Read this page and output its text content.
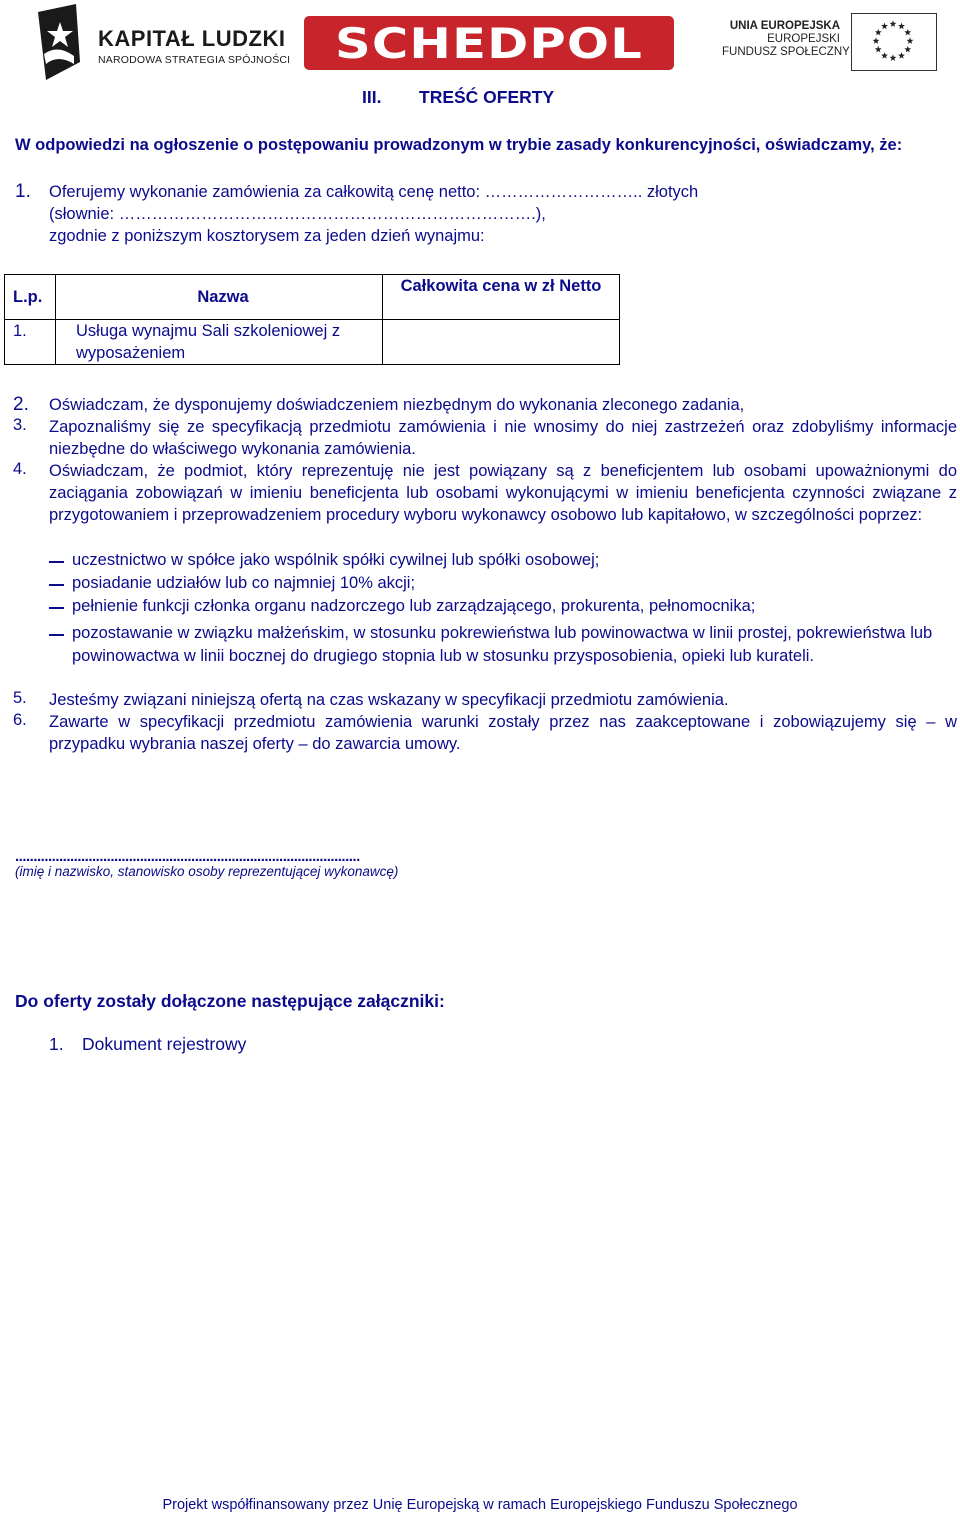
KAPITAŁ LUDZKI
NARODOWA STRATEGIA SPÓJNOŚCI	SCHEDPOL	UNIA EUROPEJSKA
EUROPEJSKI
FUNDUSZ SPOŁECZNY
III. TREŚĆ OFERTY
W odpowiedzi na ogłoszenie o postępowaniu prowadzonym w trybie zasady konkurencyjności, oświadczamy, że:
1. Oferujemy wykonanie zamówienia za całkowitą cenę netto: ……………………….. złotych
(słownie: ………………………………………………………………….),
zgodnie z poniższym kosztorysem za jeden dzień wynajmu:
L.p.	Nazwa	Całkowita cena w zł Netto
1.	Usługa wynajmu Sali szkoleniowej z wyposażeniem	
2. Oświadczam, że dysponujemy doświadczeniem niezbędnym do wykonania zleconego zadania,
3. Zapoznaliśmy się ze specyfikacją przedmiotu zamówienia i nie wnosimy do niej zastrzeżeń oraz zdobyliśmy informacje niezbędne do właściwego wykonania zamówienia.
4. Oświadczam, że podmiot, który reprezentuję nie jest powiązany są z beneficjentem lub osobami upoważnionymi do zaciągania zobowiązań w imieniu beneficjenta lub osobami wykonującymi w imieniu beneficjenta czynności związane z przygotowaniem i przeprowadzeniem procedury wyboru wykonawcy osobowo lub kapitałowo, w szczególności poprzez:
uczestnictwo w spółce jako wspólnik spółki cywilnej lub spółki osobowej;
posiadanie udziałów lub co najmniej 10% akcji;
pełnienie funkcji członka organu nadzorczego lub zarządzającego, prokurenta, pełnomocnika;
pozostawanie w związku małżeńskim, w stosunku pokrewieństwa lub powinowactwa w linii prostej, pokrewieństwa lub powinowactwa w linii bocznej do drugiego stopnia lub w stosunku przysposobienia, opieki lub kurateli.
5. Jesteśmy związani niniejszą ofertą na czas wskazany w specyfikacji przedmiotu zamówienia.
6. Zawarte w specyfikacji przedmiotu zamówienia warunki zostały przez nas zaakceptowane i zobowiązujemy się – w przypadku wybrania naszej oferty – do zawarcia umowy.
..............................................................................................
(imię i nazwisko, stanowisko osoby reprezentującej wykonawcę)
Do oferty zostały dołączone następujące załączniki:
1. Dokument rejestrowy
Projekt współfinansowany przez Unię Europejską w ramach Europejskiego Funduszu Społecznego
